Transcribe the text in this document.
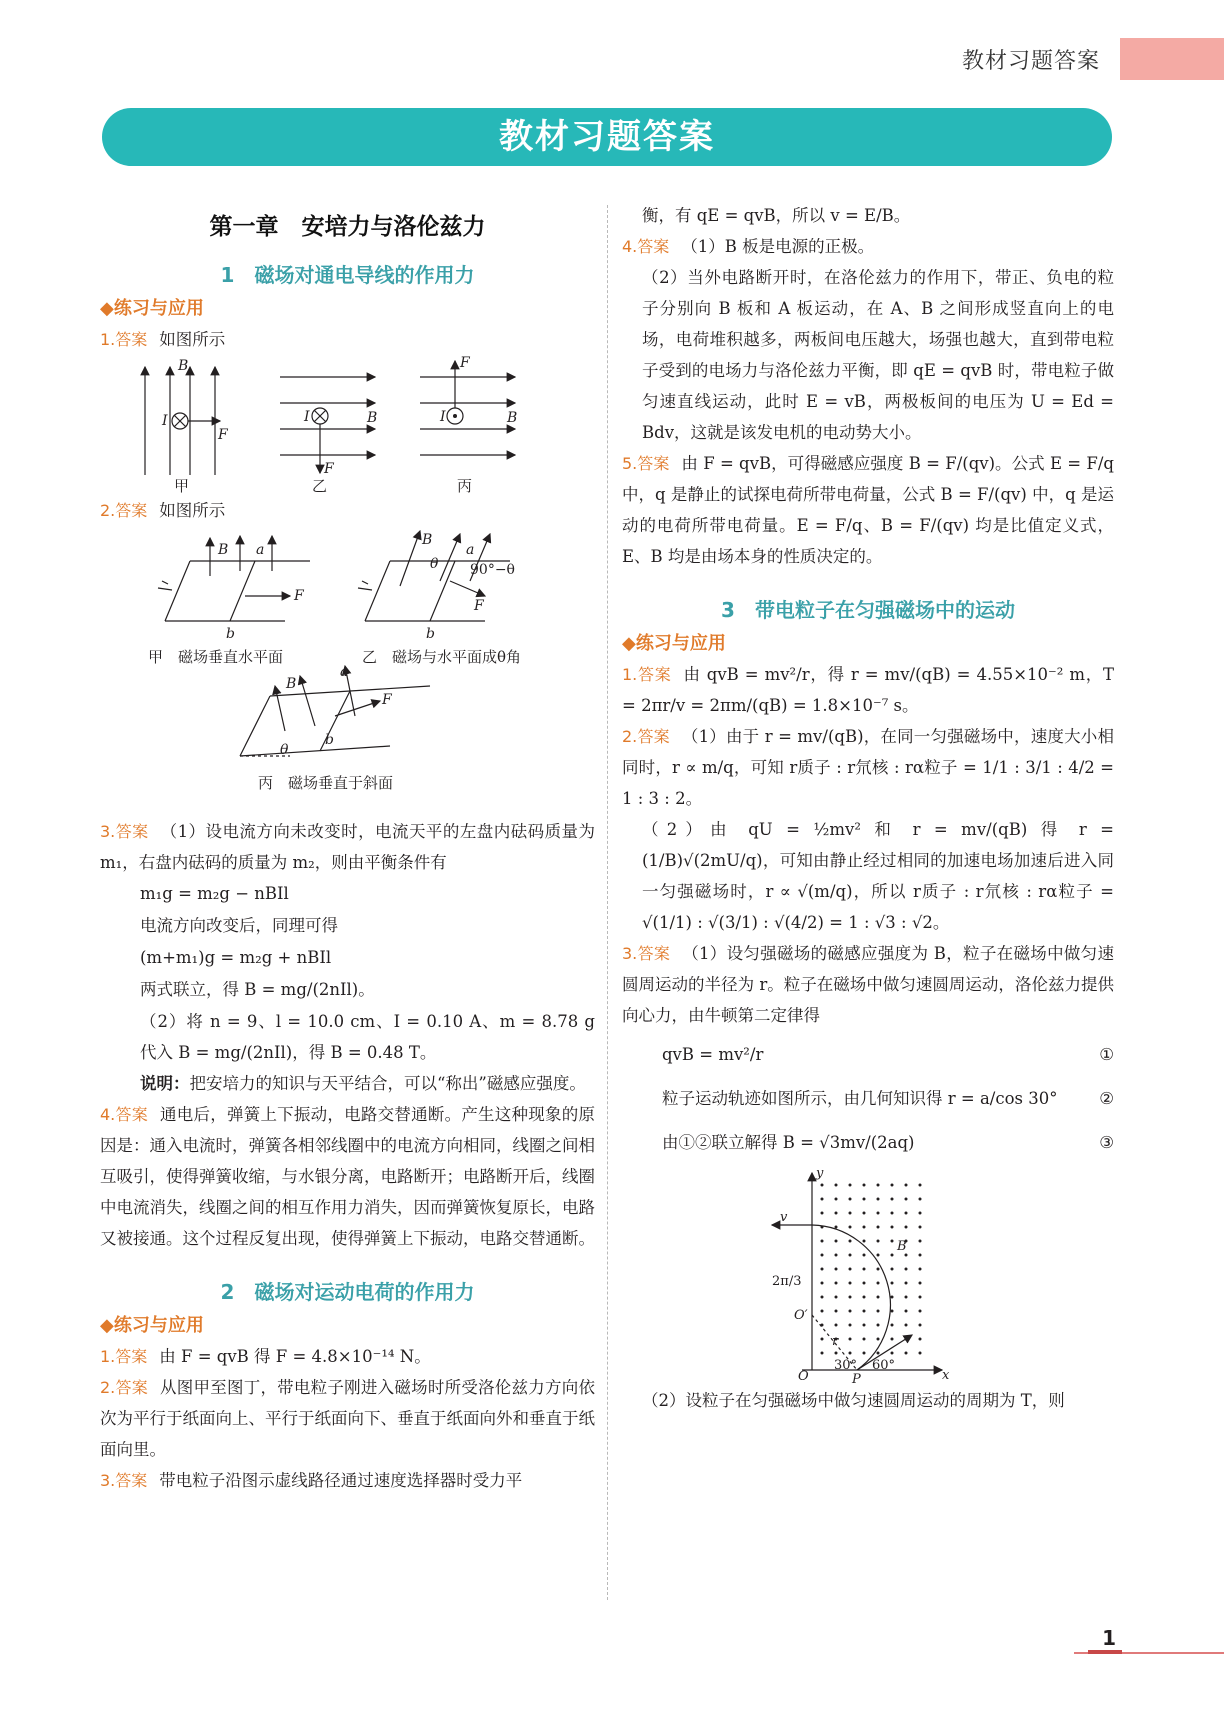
教材习题答案
教材习题答案
第一章　安培力与洛伦兹力
1　磁场对通电导线的作用力
◆练习与应用
1.答案 如图所示
B
I
F
I	B
F
I	B
F
甲	乙	丙
2.答案 如图所示
B a
b
F
B
a
θ 90°−θ
F
b
B
a
F
b
θ
甲　磁场垂直水平面	乙　磁场与水平面成θ角
丙　磁场垂直于斜面
3.答案 （1）设电流方向未改变时，电流天平的左盘内砝码质量为 m₁，右盘内砝码的质量为 m₂，则由平衡条件有
m₁g = m₂g − nBIl
电流方向改变后，同理可得
(m+m₁)g = m₂g + nBIl
两式联立，得 B = mg/(2nIl)。
（2）将 n = 9、l = 10.0 cm、I = 0.10 A、m = 8.78 g 代入 B = mg/(2nIl)，得 B = 0.48 T。
说明：把安培力的知识与天平结合，可以“称出”磁感应强度。
4.答案 通电后，弹簧上下振动，电路交替通断。产生这种现象的原因是：通入电流时，弹簧各相邻线圈中的电流方向相同，线圈之间相互吸引，使得弹簧收缩，与水银分离，电路断开；电路断开后，线圈中电流消失，线圈之间的相互作用力消失，因而弹簧恢复原长，电路又被接通。这个过程反复出现，使得弹簧上下振动，电路交替通断。
2　磁场对运动电荷的作用力
◆练习与应用
1.答案 由 F = qvB 得 F = 4.8×10⁻¹⁴ N。
2.答案 从图甲至图丁，带电粒子刚进入磁场时所受洛伦兹力方向依次为平行于纸面向上、平行于纸面向下、垂直于纸面向外和垂直于纸面向里。
3.答案 带电粒子沿图示虚线路径通过速度选择器时受力平
衡，有 qE = qvB，所以 v = E/B。
4.答案 （1）B 板是电源的正极。
（2）当外电路断开时，在洛伦兹力的作用下，带正、负电的粒子分别向 B 板和 A 板运动，在 A、B 之间形成竖直向上的电场，电荷堆积越多，两板间电压越大，场强也越大，直到带电粒子受到的电场力与洛伦兹力平衡，即 qE = qvB 时，带电粒子做匀速直线运动，此时 E = vB，两极板间的电压为 U = Ed = Bdv，这就是该发电机的电动势大小。
5.答案 由 F = qvB，可得磁感应强度 B = F/(qv)。公式 E = F/q 中，q 是静止的试探电荷所带电荷量，公式 B = F/(qv) 中，q 是运动的电荷所带电荷量。E = F/q、B = F/(qv) 均是比值定义式，E、B 均是由场本身的性质决定的。
3　带电粒子在匀强磁场中的运动
◆练习与应用
1.答案 由 qvB = mv²/r，得 r = mv/(qB) = 4.55×10⁻² m，T = 2πr/v = 2πm/(qB) = 1.8×10⁻⁷ s。
2.答案 （1）由于 r = mv/(qB)，在同一匀强磁场中，速度大小相同时，r ∝ m/q，可知 r质子 : r氘核 : rα粒子 = 1/1 : 3/1 : 4/2 = 1 : 3 : 2。
（2）由 qU = ½mv² 和 r = mv/(qB) 得 r = (1/B)√(2mU/q)，可知由静止经过相同的加速电场加速后进入同一匀强磁场时，r ∝ √(m/q)，所以 r质子 : r氘核 : rα粒子 = √(1/1) : √(3/1) : √(4/2) = 1 : √3 : √2。
3.答案 （1）设匀强磁场的磁感应强度为 B，粒子在磁场中做匀速圆周运动的半径为 r。粒子在磁场中做匀速圆周运动，洛伦兹力提供向心力，由牛顿第二定律得
qvB = mv²/r	①
粒子运动轨迹如图所示，由几何知识得 r = a/cos 30°	②
由①②联立解得 B = √3mv/(2aq)	③
y
x
v
B
O
O′
P
r
30° 60°
2π/3
（2）设粒子在匀强磁场中做匀速圆周运动的周期为 T，则
1
